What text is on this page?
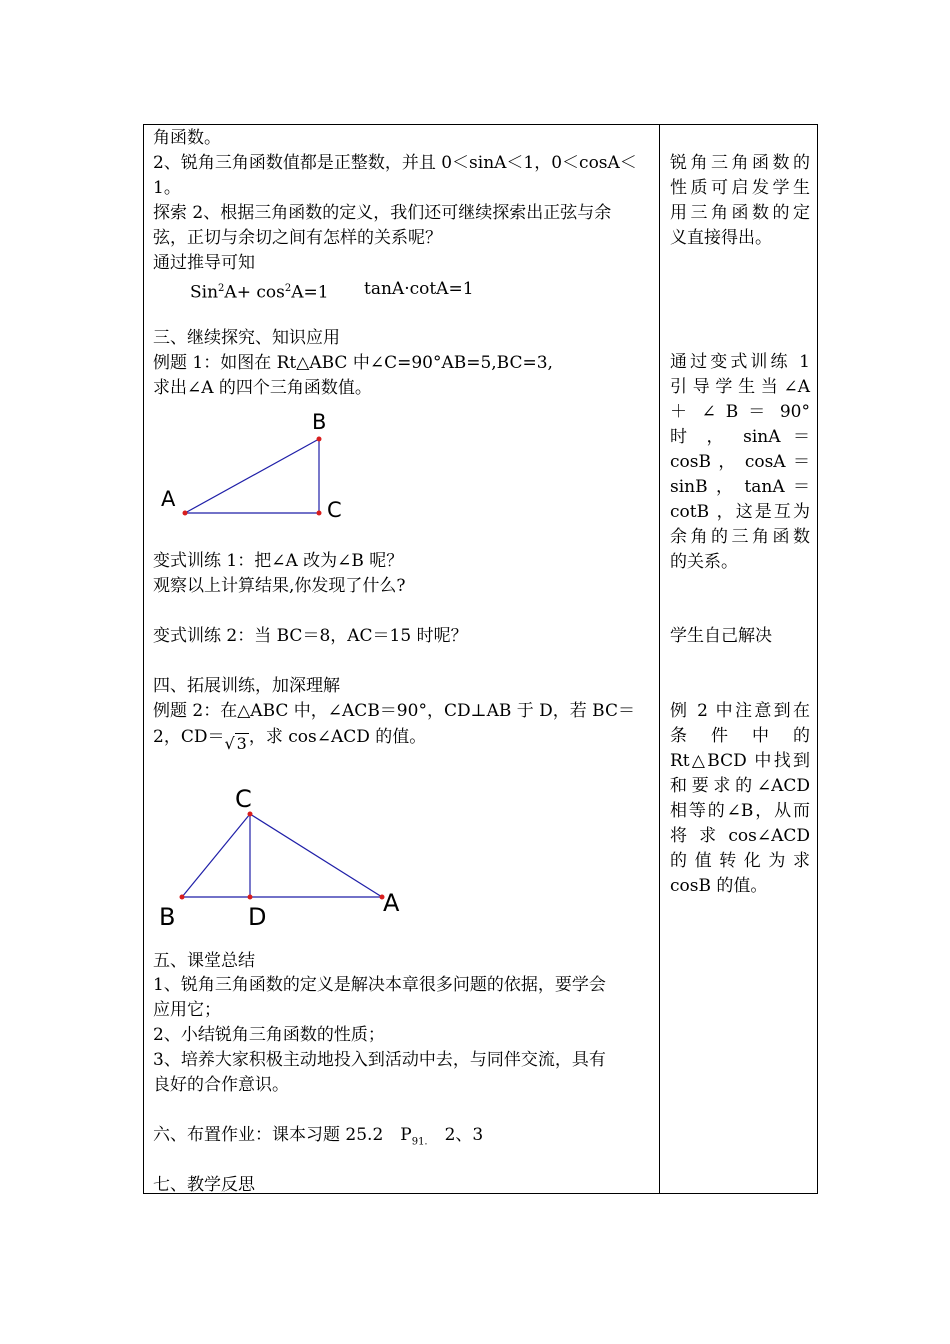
角函数。
2、锐角三角函数值都是正整数，并且 0＜sinA＜1，0＜cosA＜
1。
探索 2、根据三角函数的定义，我们还可继续探索出正弦与余
弦，正切与余切之间有怎样的关系呢？
通过推导可知
$Sin^2A+ \cos^2A=1$ tanA·cotA=1
三、继续探究、知识应用
例题 1：如图在 Rt△ABC 中∠C=90°AB=5,BC=3,
求出∠A 的四个三角函数值。
A
B
C
变式训练 1：把∠A 改为∠B 呢？
观察以上计算结果,你发现了什么?
变式训练 2：当 BC＝8，AC＝15 时呢？
四、拓展训练，加深理解
例题 2：在△ABC 中，∠ACB＝90°，CD⊥AB 于 D，若 BC＝
2，CD＝√ 3 ，求 cos∠ACD 的值。
C
B	D	A
五、课堂总结
1、锐角三角函数的定义是解决本章很多问题的依据，要学会
应用它；
2、小结锐角三角函数的性质；
3、培养大家积极主动地投入到活动中去，与同伴交流，具有
良好的合作意识。
六、布置作业：课本习题 25.2　$P_{91.}$　2、3
七、教学反思
锐角三角函数的
性质可启发学生
用三角函数的定
义直接得出。
通过变式训练 1
引导学生当∠A
＋ ∠ B ＝ 90°
时 ， sinA ＝
cosB ， cosA ＝
sinB ， tanA ＝
cotB ，这是互为
余角的三角函数
的关系。
学生自己解决
例 2 中注意到在
条 件 中 的
Rt△BCD 中找到
和要求的∠ACD
相等的∠B，从而
将 求 cos∠ACD
的 值 转 化 为 求
cosB 的值。
